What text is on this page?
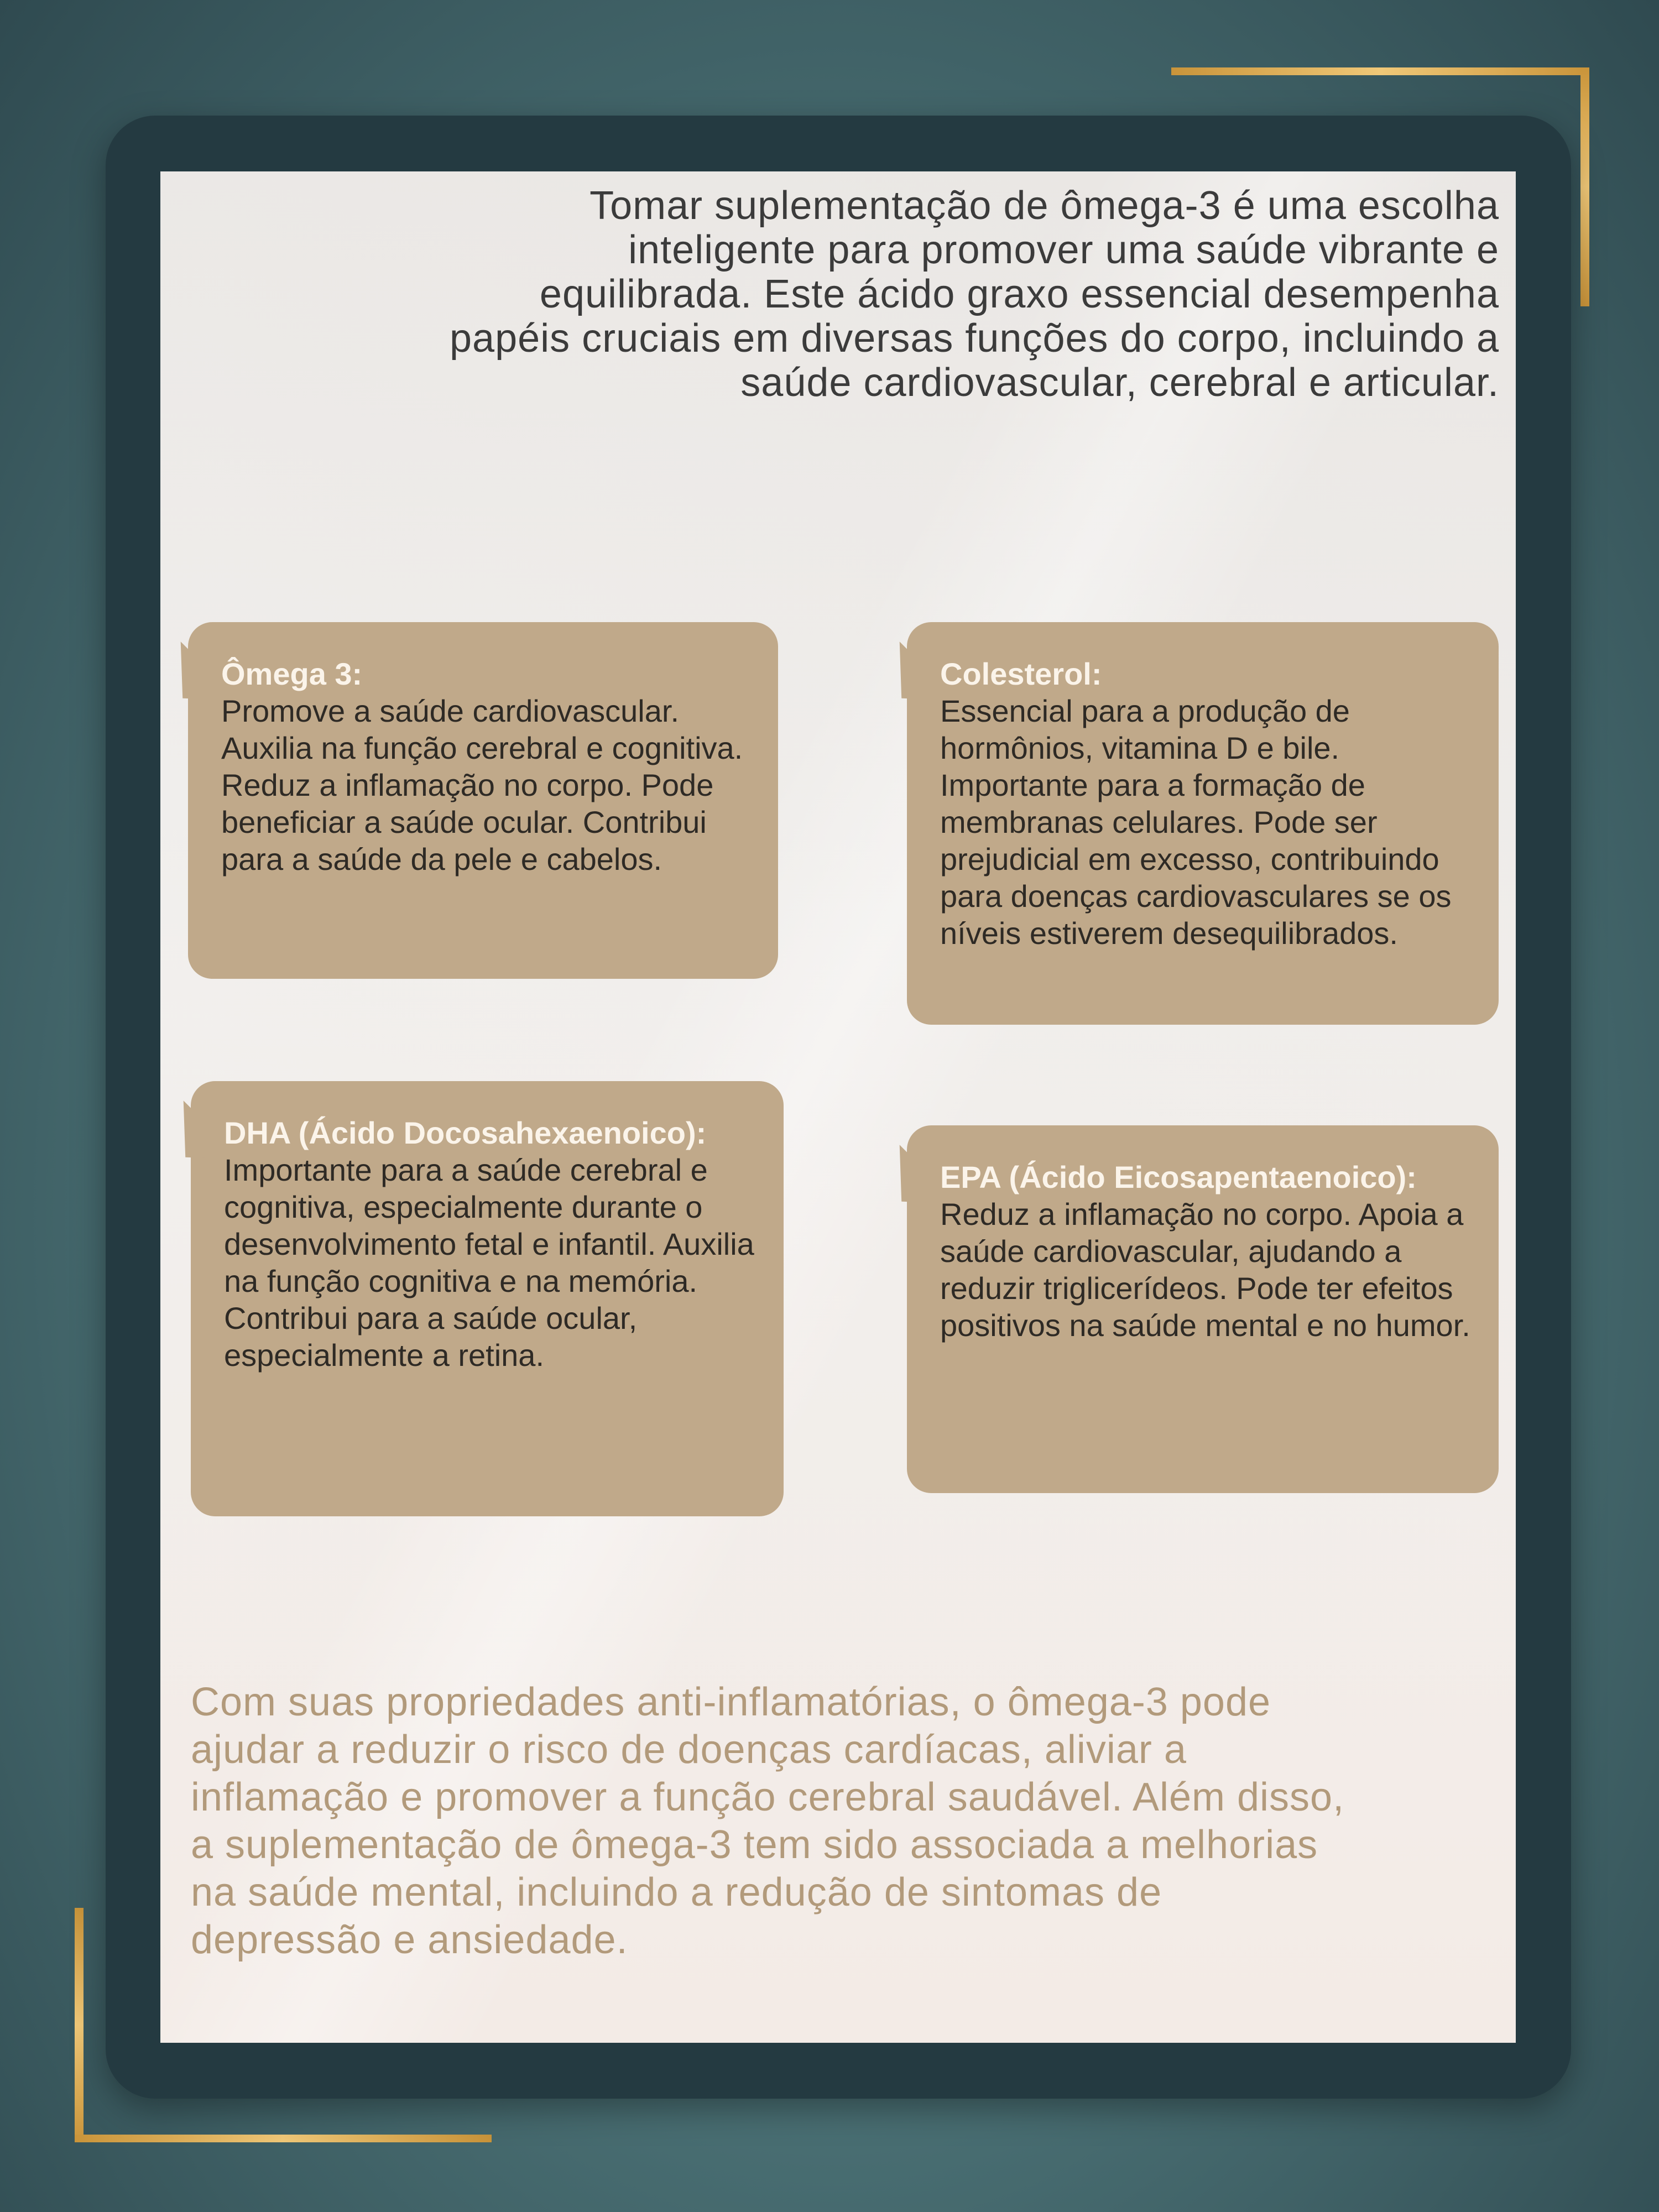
Tomar suplementação de ômega-3 é uma escolha inteligente para promover uma saúde vibrante e equilibrada. Este ácido graxo essencial desempenha papéis cruciais em diversas funções do corpo, incluindo a saúde cardiovascular, cerebral e articular.

Ômega 3:
Promove a saúde cardiovascular. Auxilia na função cerebral e cognitiva. Reduz a inflamação no corpo. Pode beneficiar a saúde ocular. Contribui para a saúde da pele e cabelos.
Colesterol:
Essencial para a produção de hormônios, vitamina D e bile. Importante para a formação de membranas celulares. Pode ser prejudicial em excesso, contribuindo para doenças cardiovasculares se os níveis estiverem desequilibrados.
DHA (Ácido Docosahexaenoico):
Importante para a saúde cerebral e cognitiva, especialmente durante o desenvolvimento fetal e infantil. Auxilia na função cognitiva e na memória. Contribui para a saúde ocular, especialmente a retina.
EPA (Ácido Eicosapentaenoico):
Reduz a inflamação no corpo. Apoia a saúde cardiovascular, ajudando a reduzir triglicerídeos. Pode ter efeitos positivos na saúde mental e no humor.

Com suas propriedades anti-inflamatórias, o ômega-3 pode ajudar a reduzir o risco de doenças cardíacas, aliviar a inflamação e promover a função cerebral saudável. Além disso, a suplementação de ômega-3 tem sido associada a melhorias na saúde mental, incluindo a redução de sintomas de depressão e ansiedade.
